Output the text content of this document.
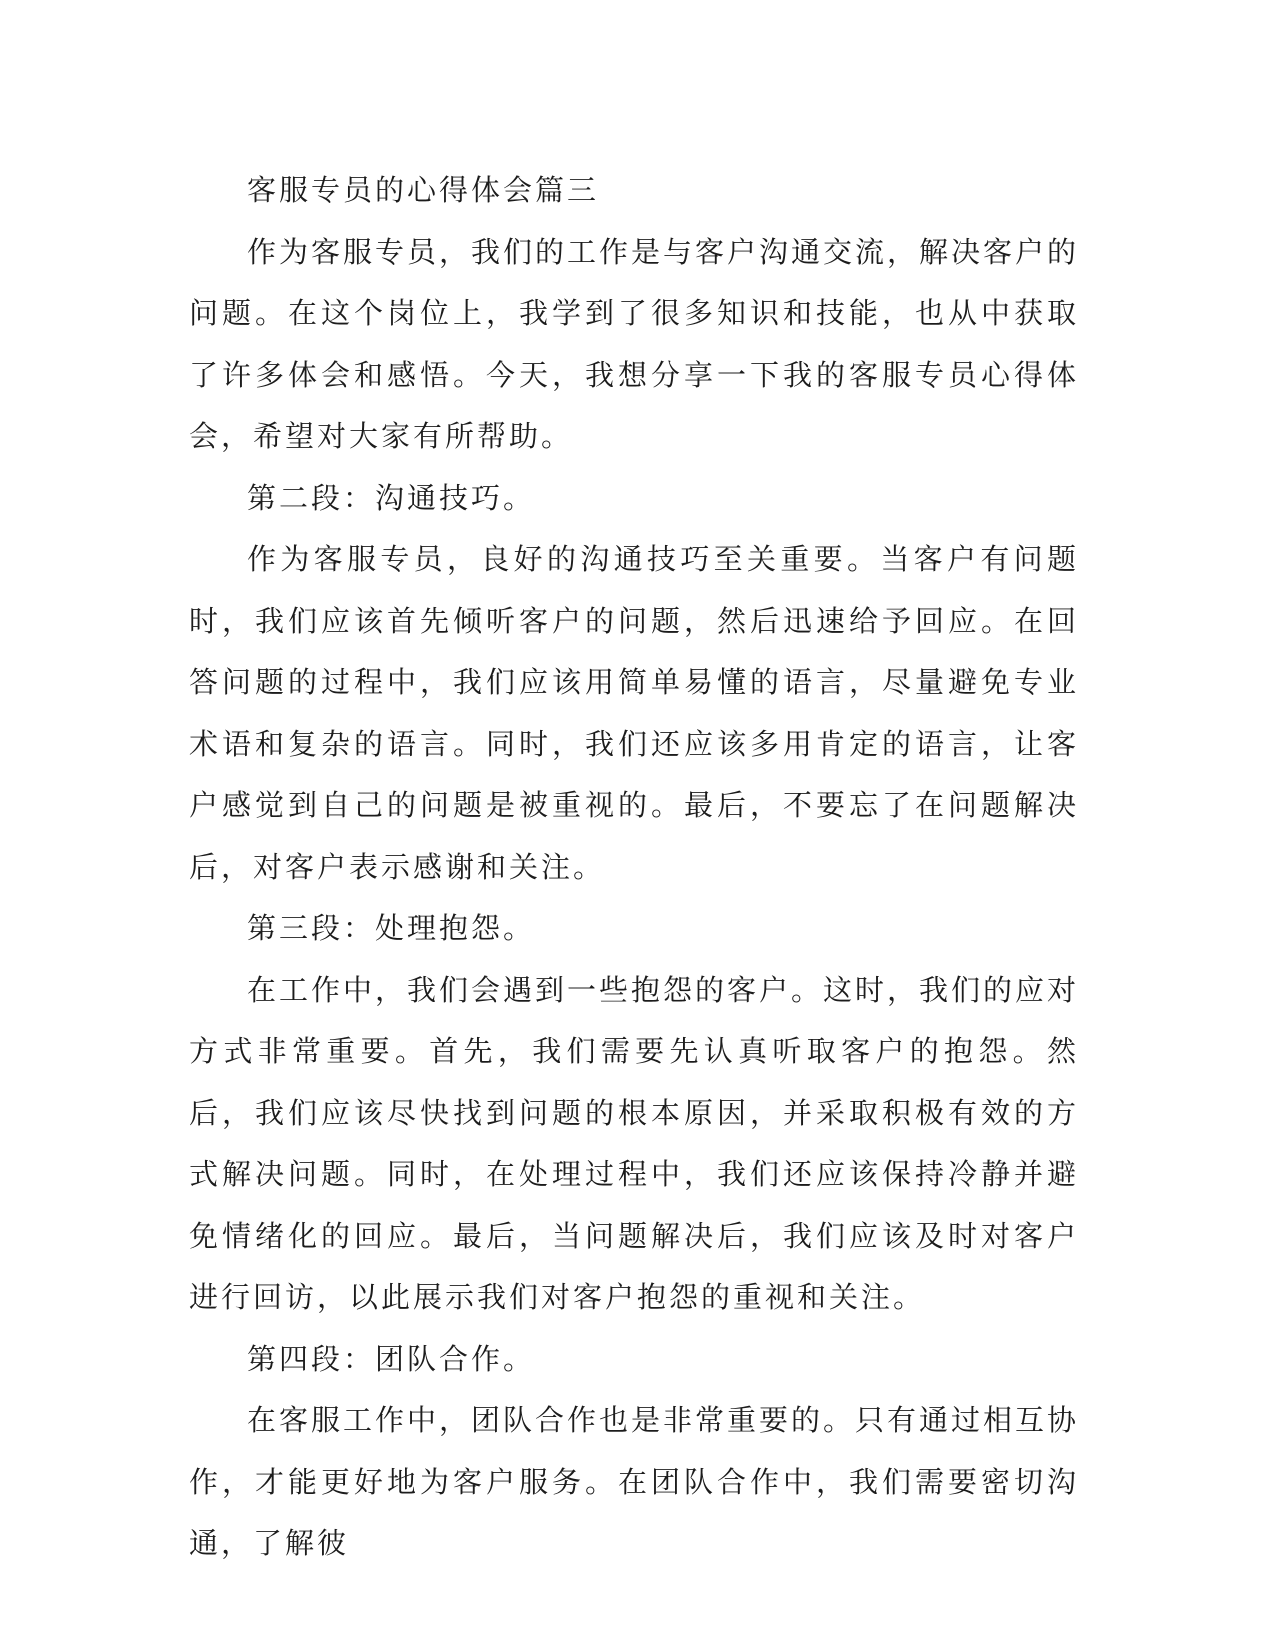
客服专员的心得体会篇三

作为客服专员，我们的工作是与客户沟通交流，解决客户的问题。在这个岗位上，我学到了很多知识和技能，也从中获取了许多体会和感悟。今天，我想分享一下我的客服专员心得体会，希望对大家有所帮助。

第二段：沟通技巧。

作为客服专员，良好的沟通技巧至关重要。当客户有问题时，我们应该首先倾听客户的问题，然后迅速给予回应。在回答问题的过程中，我们应该用简单易懂的语言，尽量避免专业术语和复杂的语言。同时，我们还应该多用肯定的语言，让客户感觉到自己的问题是被重视的。最后，不要忘了在问题解决后，对客户表示感谢和关注。

第三段：处理抱怨。

在工作中，我们会遇到一些抱怨的客户。这时，我们的应对方式非常重要。首先，我们需要先认真听取客户的抱怨。然后，我们应该尽快找到问题的根本原因，并采取积极有效的方式解决问题。同时，在处理过程中，我们还应该保持冷静并避免情绪化的回应。最后，当问题解决后，我们应该及时对客户进行回访，以此展示我们对客户抱怨的重视和关注。

第四段：团队合作。

在客服工作中，团队合作也是非常重要的。只有通过相互协作，才能更好地为客户服务。在团队合作中，我们需要密切沟通，了解彼
